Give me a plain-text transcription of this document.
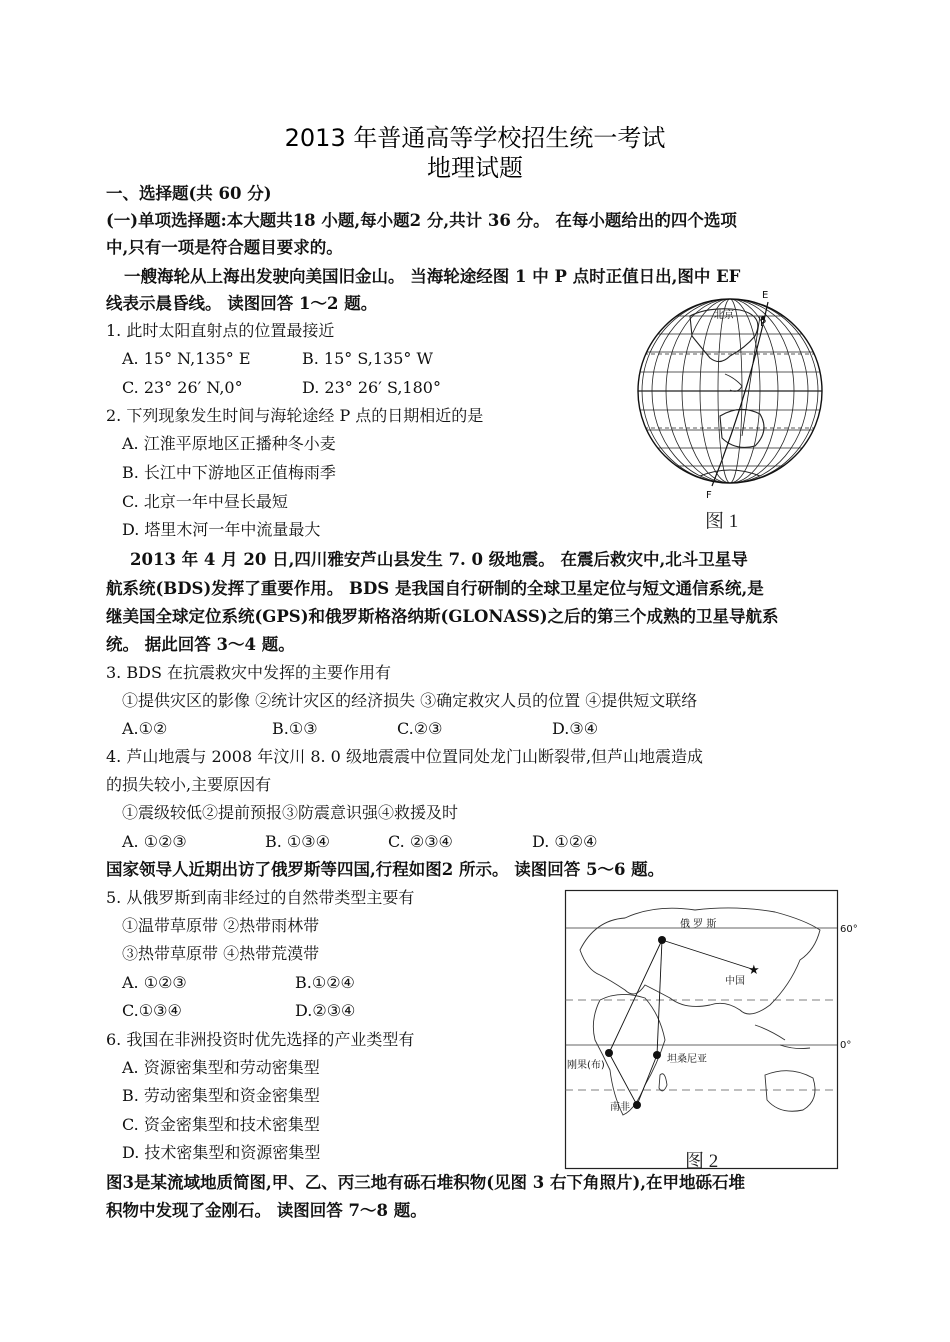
2013 年普通高等学校招生统一考试
地理试题
一、选择题(共 60 分)
(一)单项选择题:本大题共18 小题,每小题2 分,共计 36 分。 在每小题给出的四个选项
中,只有一项是符合题目要求的。
一艘海轮从上海出发驶向美国旧金山。 当海轮途经图 1 中 P 点时正值日出,图中 EF
线表示晨昏线。 读图回答 1～2 题。
1. 此时太阳直射点的位置最接近
A. 15° N,135° E	B. 15° S,135° W
C. 23° 26′ N,0°	D. 23° 26′ S,180°
2. 下列现象发生时间与海轮途经 P 点的日期相近的是
A. 江淮平原地区正播种冬小麦
B. 长江中下游地区正值梅雨季
C. 北京一年中昼长最短
D. 塔里木河一年中流量最大
北京
E
P
F
图 1
2013 年 4 月 20 日,四川雅安芦山县发生 7. 0 级地震。 在震后救灾中,北斗卫星导
航系统(BDS)发挥了重要作用。 BDS 是我国自行研制的全球卫星定位与短文通信系统,是
继美国全球定位系统(GPS)和俄罗斯格洛纳斯(GLONASS)之后的第三个成熟的卫星导航系
统。 据此回答 3～4 题。
3. BDS 在抗震救灾中发挥的主要作用有
①提供灾区的影像 ②统计灾区的经济损失 ③确定救灾人员的位置 ④提供短文联络
A.①②	B.①③	C.②③	D.③④
4. 芦山地震与 2008 年汶川 8. 0 级地震震中位置同处龙门山断裂带,但芦山地震造成
的损失较小,主要原因有
①震级较低②提前预报③防震意识强④救援及时
A. ①②③	B. ①③④	C. ②③④	D. ①②④
国家领导人近期出访了俄罗斯等四国,行程如图2 所示。 读图回答 5～6 题。
5. 从俄罗斯到南非经过的自然带类型主要有
①温带草原带 ②热带雨林带
③热带草原带 ④热带荒漠带
A. ①②③	B.①②④
C.①③④	D.②③④
6. 我国在非洲投资时优先选择的产业类型有
A. 资源密集型和劳动密集型
B. 劳动密集型和资金密集型
C. 资金密集型和技术密集型
D. 技术密集型和资源密集型
★
俄 罗 斯
中国
坦桑尼亚
刚果(布)
南非
60°
0°
图 2
图3是某流域地质简图,甲、乙、丙三地有砾石堆积物(见图 3 右下角照片),在甲地砾石堆
积物中发现了金刚石。 读图回答 7～8 题。
